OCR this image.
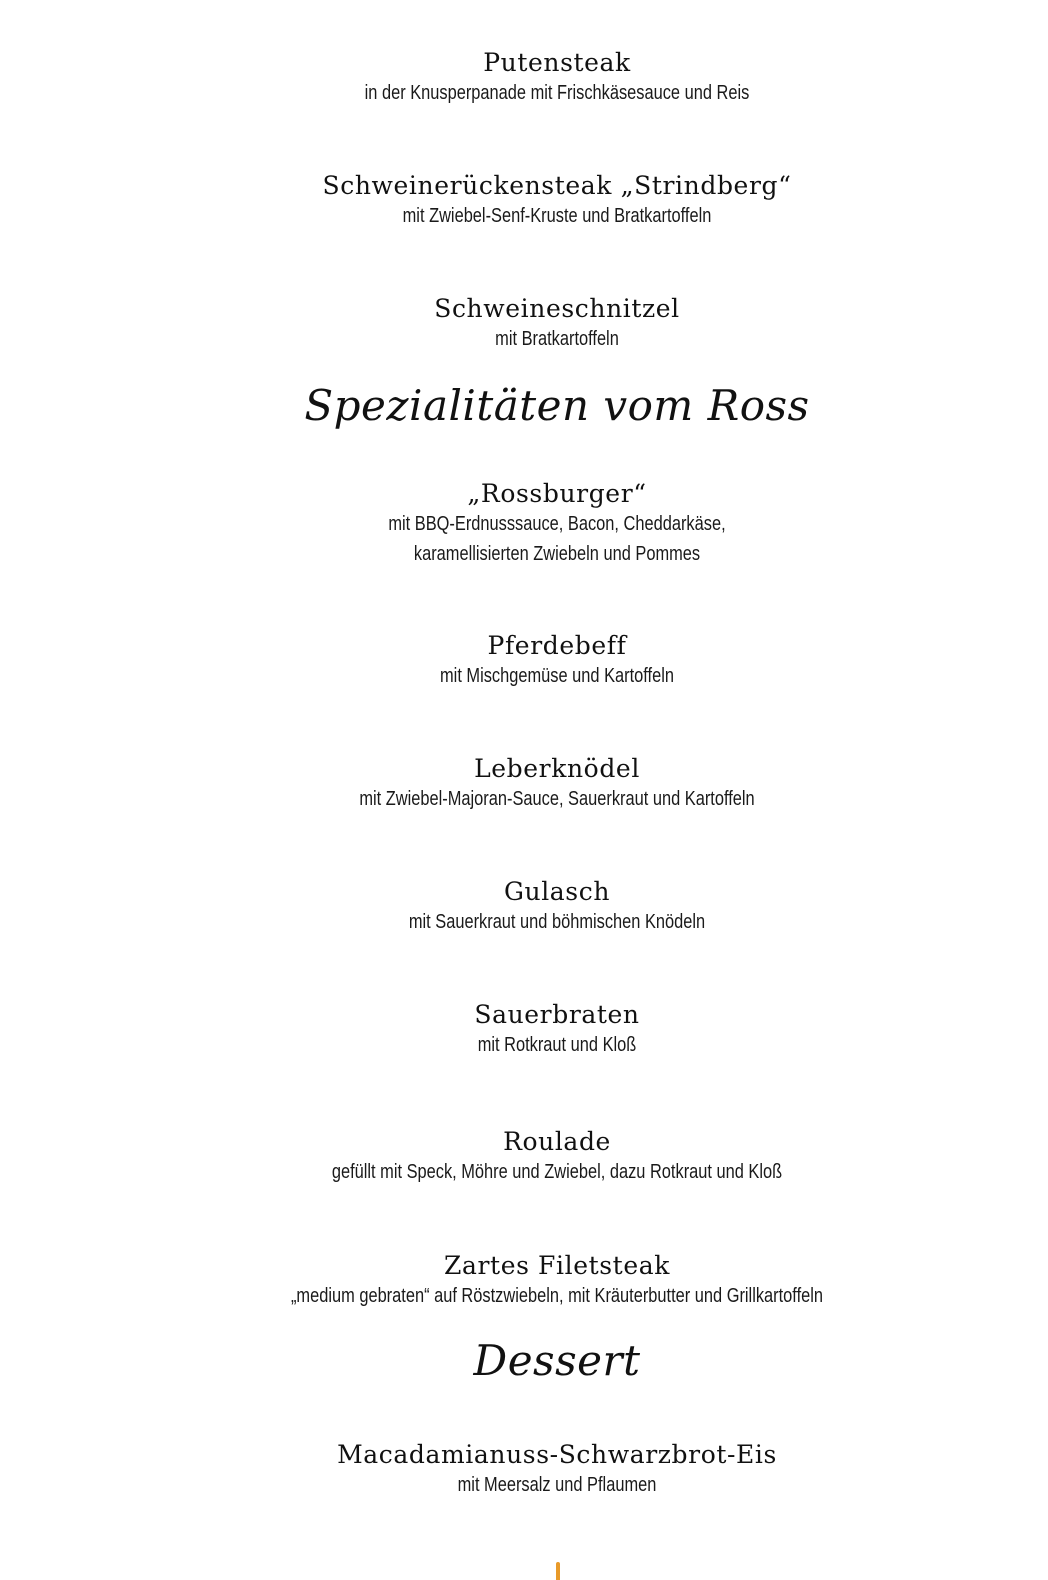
Putensteak
in der Knusperpanade mit Frischkäsesauce und Reis
Schweinerückensteak „Strindberg“
mit Zwiebel-Senf-Kruste und Bratkartoffeln
Schweineschnitzel
mit Bratkartoffeln
Spezialitäten vom Ross
„Rossburger“
mit BBQ-Erdnusssauce, Bacon, Cheddarkäse,
karamellisierten Zwiebeln und Pommes
Pferdebeff
mit Mischgemüse und Kartoffeln
Leberknödel
mit Zwiebel-Majoran-Sauce, Sauerkraut und Kartoffeln
Gulasch
mit Sauerkraut und böhmischen Knödeln
Sauerbraten
mit Rotkraut und Kloß
Roulade
gefüllt mit Speck, Möhre und Zwiebel, dazu Rotkraut und Kloß
Zartes Filetsteak
„medium gebraten“ auf Röstzwiebeln, mit Kräuterbutter und Grillkartoffeln
Dessert
Macadamianuss-Schwarzbrot-Eis
mit Meersalz und Pflaumen
